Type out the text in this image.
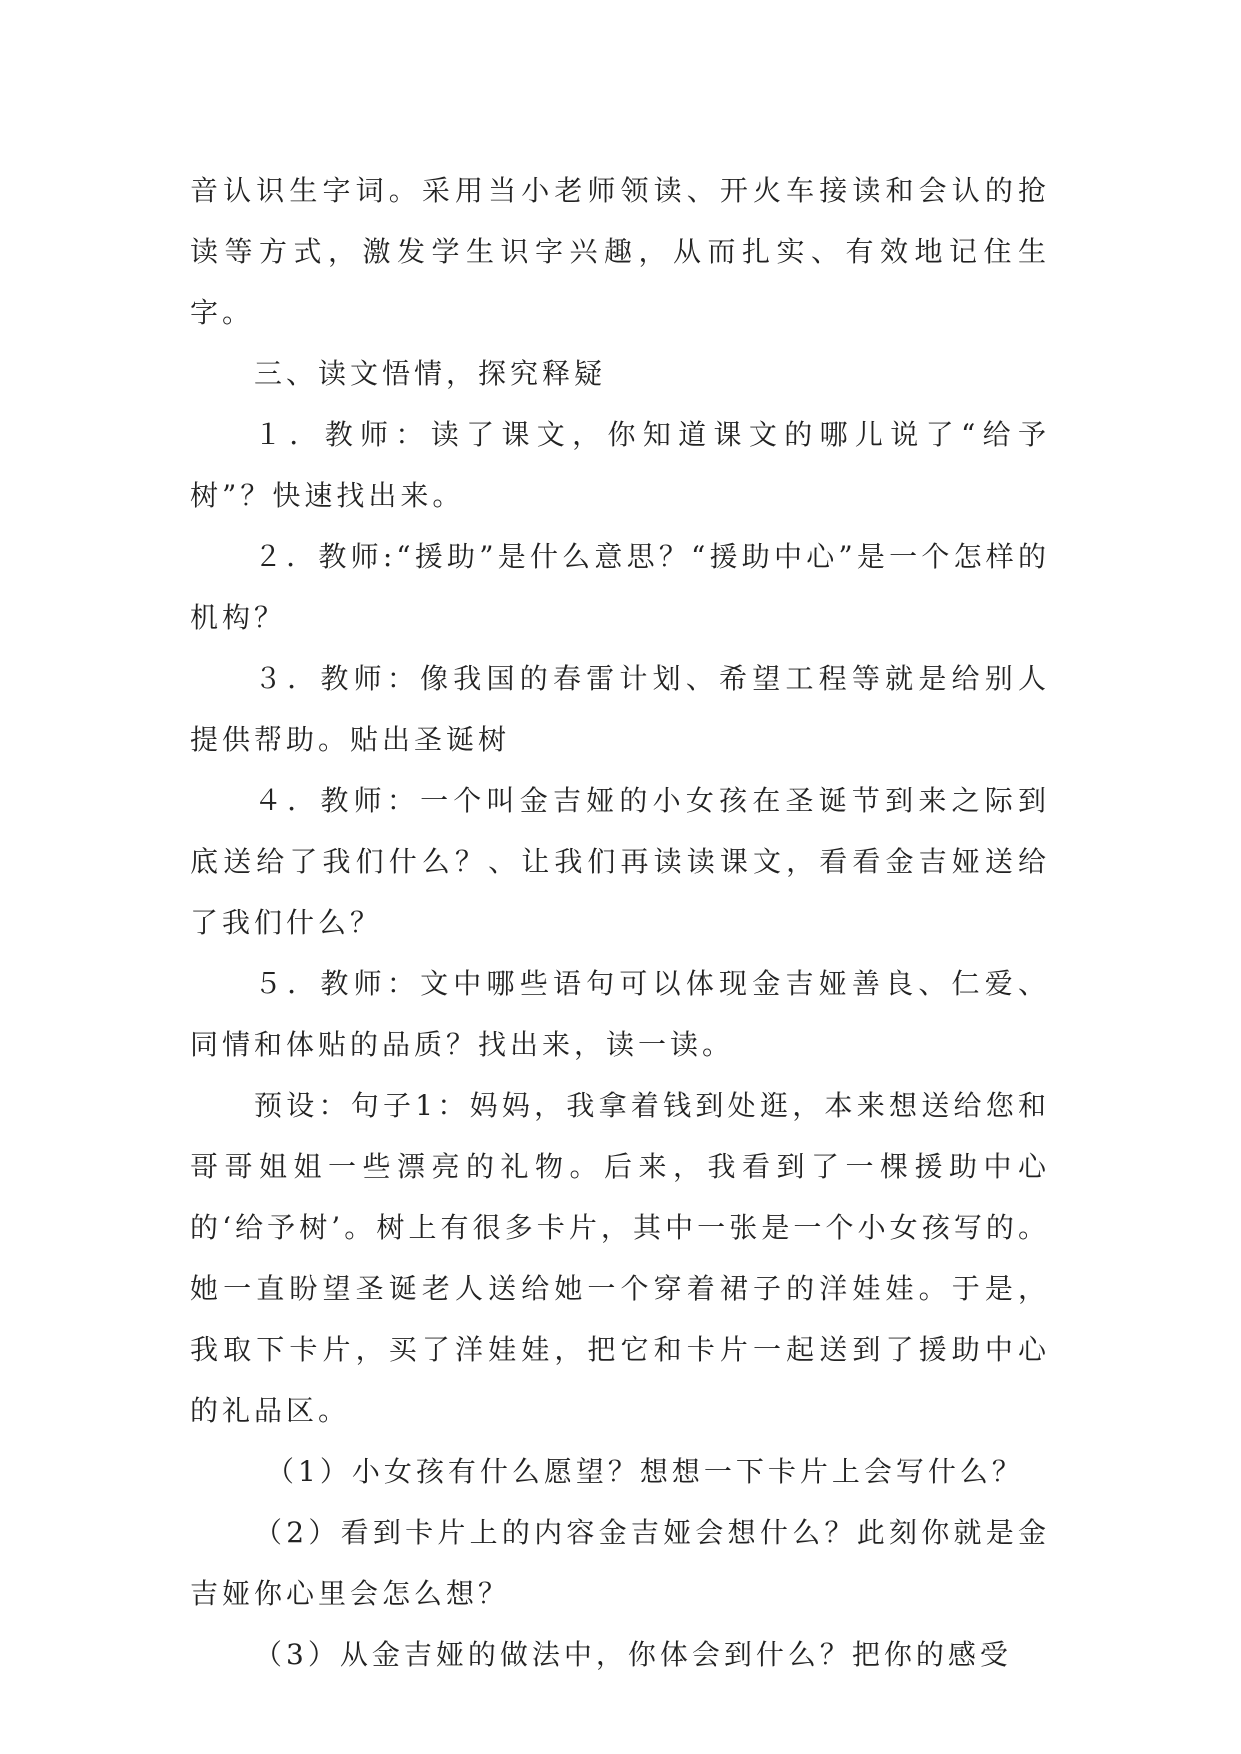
音认识生字词。采用当小老师领读、开火车接读和会认的抢读等方式，激发学生识字兴趣，从而扎实、有效地记住生字。

三、读文悟情，探究释疑

１．教师：读了课文，你知道课文的哪儿说了“给予树”？快速找出来。

２．教师:“援助”是什么意思？“援助中心”是一个怎样的机构？

３．教师：像我国的春雷计划、希望工程等就是给别人提供帮助。贴出圣诞树

４．教师：一个叫金吉娅的小女孩在圣诞节到来之际到底送给了我们什么？、让我们再读读课文，看看金吉娅送给了我们什么？

５．教师：文中哪些语句可以体现金吉娅善良、仁爱、同情和体贴的品质？找出来，读一读。

预设：句子1：妈妈，我拿着钱到处逛，本来想送给您和哥哥姐姐一些漂亮的礼物。后来，我看到了一棵援助中心的‘给予树’。树上有很多卡片，其中一张是一个小女孩写的。她一直盼望圣诞老人送给她一个穿着裙子的洋娃娃。于是，我取下卡片，买了洋娃娃，把它和卡片一起送到了援助中心的礼品区。

（1）小女孩有什么愿望？想想一下卡片上会写什么？

（2）看到卡片上的内容金吉娅会想什么？此刻你就是金吉娅你心里会怎么想？

（3）从金吉娅的做法中，你体会到什么？把你的感受
